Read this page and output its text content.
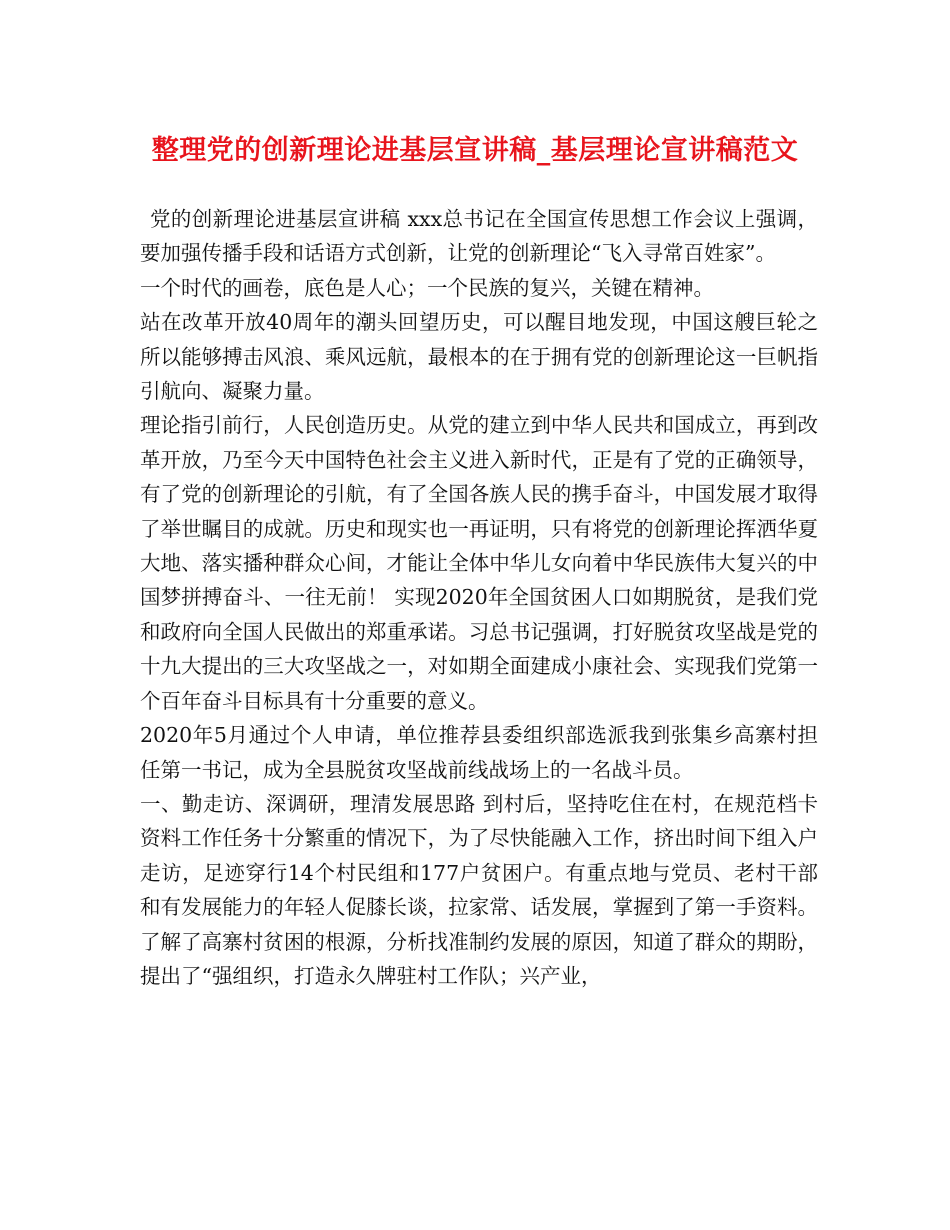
整理党的创新理论进基层宣讲稿_基层理论宣讲稿范文

党的创新理论进基层宣讲稿 xxx总书记在全国宣传思想工作会议上强调，要加强传播手段和话语方式创新，让党的创新理论“飞入寻常百姓家”。

一个时代的画卷，底色是人心；一个民族的复兴，关键在精神。

站在改革开放40周年的潮头回望历史，可以醒目地发现，中国这艘巨轮之所以能够搏击风浪、乘风远航，最根本的在于拥有党的创新理论这一巨帆指引航向、凝聚力量。

理论指引前行，人民创造历史。从党的建立到中华人民共和国成立，再到改革开放，乃至今天中国特色社会主义进入新时代，正是有了党的正确领导，有了党的创新理论的引航，有了全国各族人民的携手奋斗，中国发展才取得了举世瞩目的成就。历史和现实也一再证明，只有将党的创新理论挥洒华夏大地、落实播种群众心间，才能让全体中华儿女向着中华民族伟大复兴的中国梦拼搏奋斗、一往无前！ 实现2020年全国贫困人口如期脱贫，是我们党和政府向全国人民做出的郑重承诺。习总书记强调，打好脱贫攻坚战是党的十九大提出的三大攻坚战之一，对如期全面建成小康社会、实现我们党第一个百年奋斗目标具有十分重要的意义。

2020年5月通过个人申请，单位推荐县委组织部选派我到张集乡高寨村担任第一书记，成为全县脱贫攻坚战前线战场上的一名战斗员。

一、勤走访、深调研，理清发展思路 到村后，坚持吃住在村，在规范档卡资料工作任务十分繁重的情况下，为了尽快能融入工作，挤出时间下组入户走访，足迹穿行14个村民组和177户贫困户。有重点地与党员、老村干部和有发展能力的年轻人促膝长谈，拉家常、话发展，掌握到了第一手资料。了解了高寨村贫困的根源，分析找准制约发展的原因，知道了群众的期盼，提出了“强组织，打造永久牌驻村工作队；兴产业，
